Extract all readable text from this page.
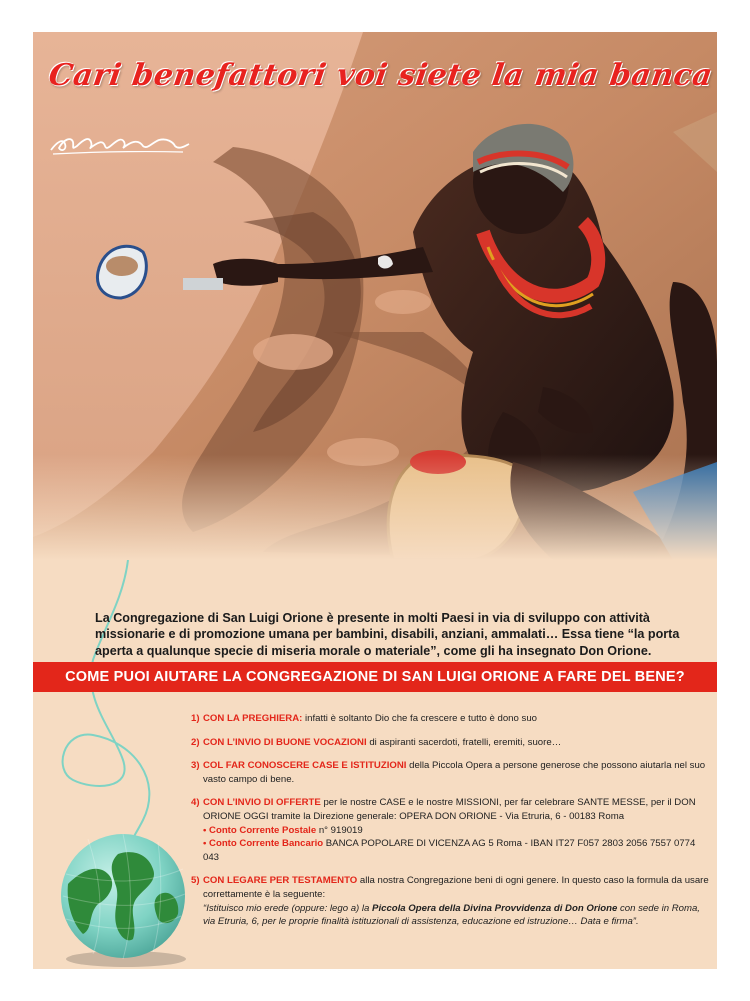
Cari benefattori voi siete la mia banca

La Congregazione di San Luigi Orione è presente in molti Paesi in via di sviluppo con attività missionarie e di promozione umana per bambini, disabili, anziani, ammalati… Essa tiene “la porta aperta a qualunque specie di miseria morale o materiale”, come gli ha insegnato Don Orione.

COME PUOI AIUTARE LA CONGREGAZIONE DI SAN LUIGI ORIONE A FARE DEL BENE?
1) CON LA PREGHIERA: infatti è soltanto Dio che fa crescere e tutto è dono suo
2) CON L’INVIO DI BUONE VOCAZIONI di aspiranti sacerdoti, fratelli, eremiti, suore…
3) COL FAR CONOSCERE CASE E ISTITUZIONI della Piccola Opera a persone generose che possono aiutarla nel suo vasto campo di bene.
4) CON L’INVIO DI OFFERTE per le nostre CASE e le nostre MISSIONI, per far celebrare SANTE MESSE, per il DON ORIONE OGGI tramite la Direzione generale: OPERA DON ORIONE - Via Etruria, 6 - 00183 Roma
• Conto Corrente Postale n° 919019
• Conto Corrente Bancario BANCA POPOLARE DI VICENZA AG 5 Roma - IBAN IT27 F057 2803 2056 7557 0774 043
5) CON LEGARE PER TESTAMENTO alla nostra Congregazione beni di ogni genere. In questo caso la formula da usare correttamente è la seguente:
“Istituisco mio erede (oppure: lego a) la Piccola Opera della Divina Provvidenza di Don Orione con sede in Roma, via Etruria, 6, per le proprie finalità istituzionali di assistenza, educazione ed istruzione… Data e firma”.
